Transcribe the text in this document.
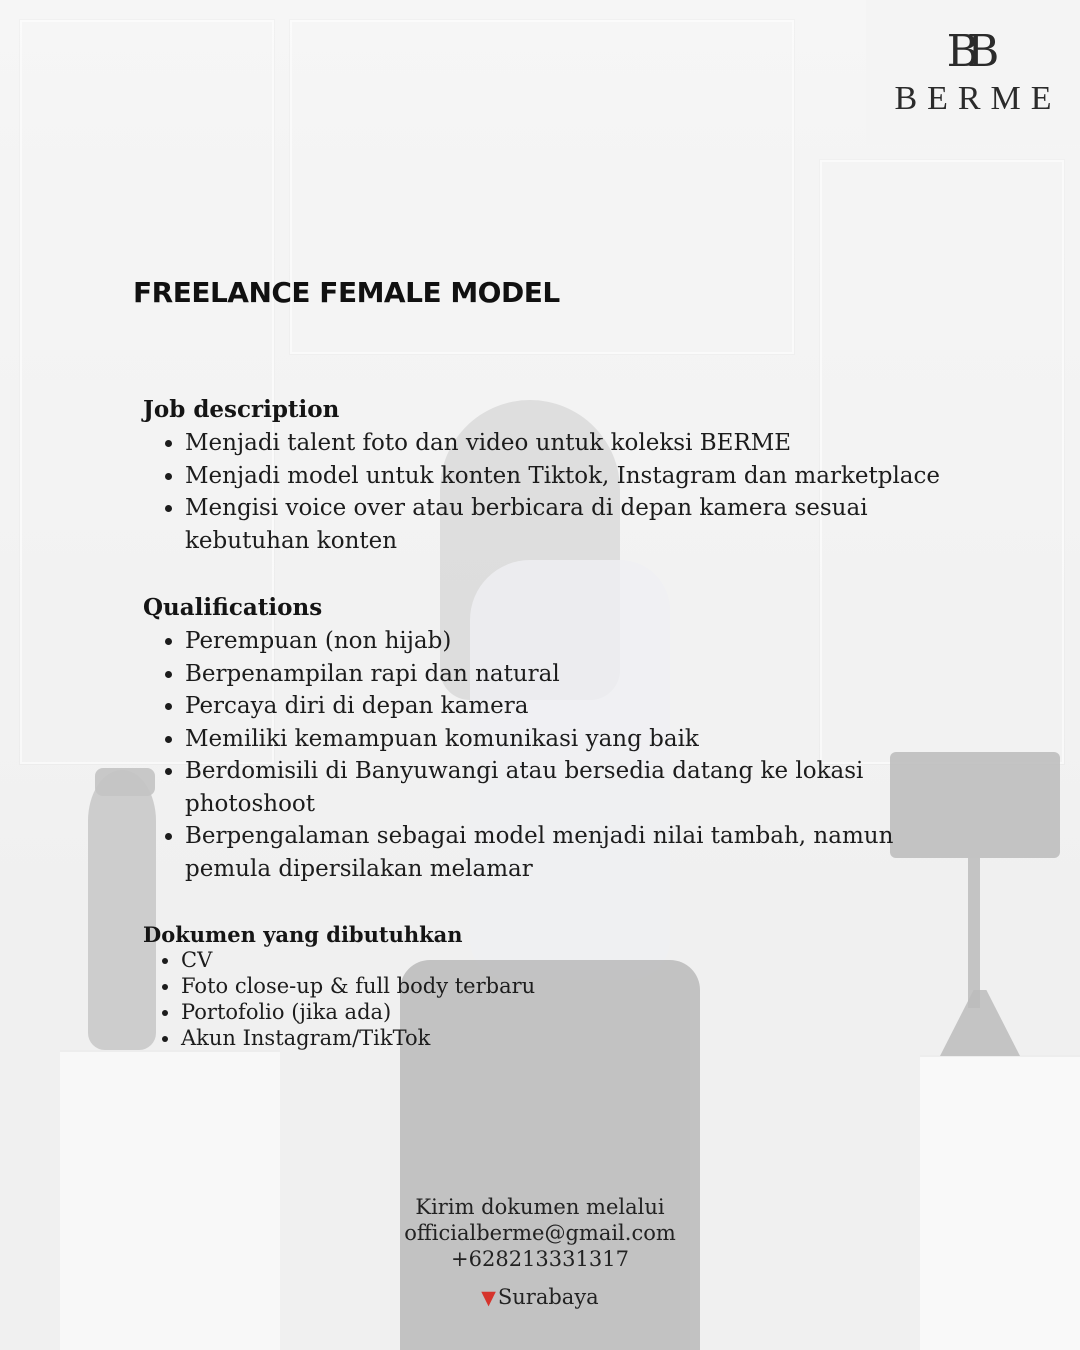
BB
BERME
FREELANCE FEMALE MODEL
Job description
• Menjadi talent foto dan video untuk koleksi BERME
• Menjadi model untuk konten Tiktok, Instagram dan marketplace
• Mengisi voice over atau berbicara di depan kamera sesuai kebutuhan konten
Qualifications
• Perempuan (non hijab)
• Berpenampilan rapi dan natural
• Percaya diri di depan kamera
• Memiliki kemampuan komunikasi yang baik
• Berdomisili di Banyuwangi atau bersedia datang ke lokasi photoshoot
• Berpengalaman sebagai model menjadi nilai tambah, namun pemula dipersilakan melamar
Dokumen yang dibutuhkan
• CV
• Foto close-up & full body terbaru
• Portofolio (jika ada)
• Akun Instagram/TikTok
Kirim dokumen melalui
officialberme@gmail.com
+628213331317
▼Surabaya
